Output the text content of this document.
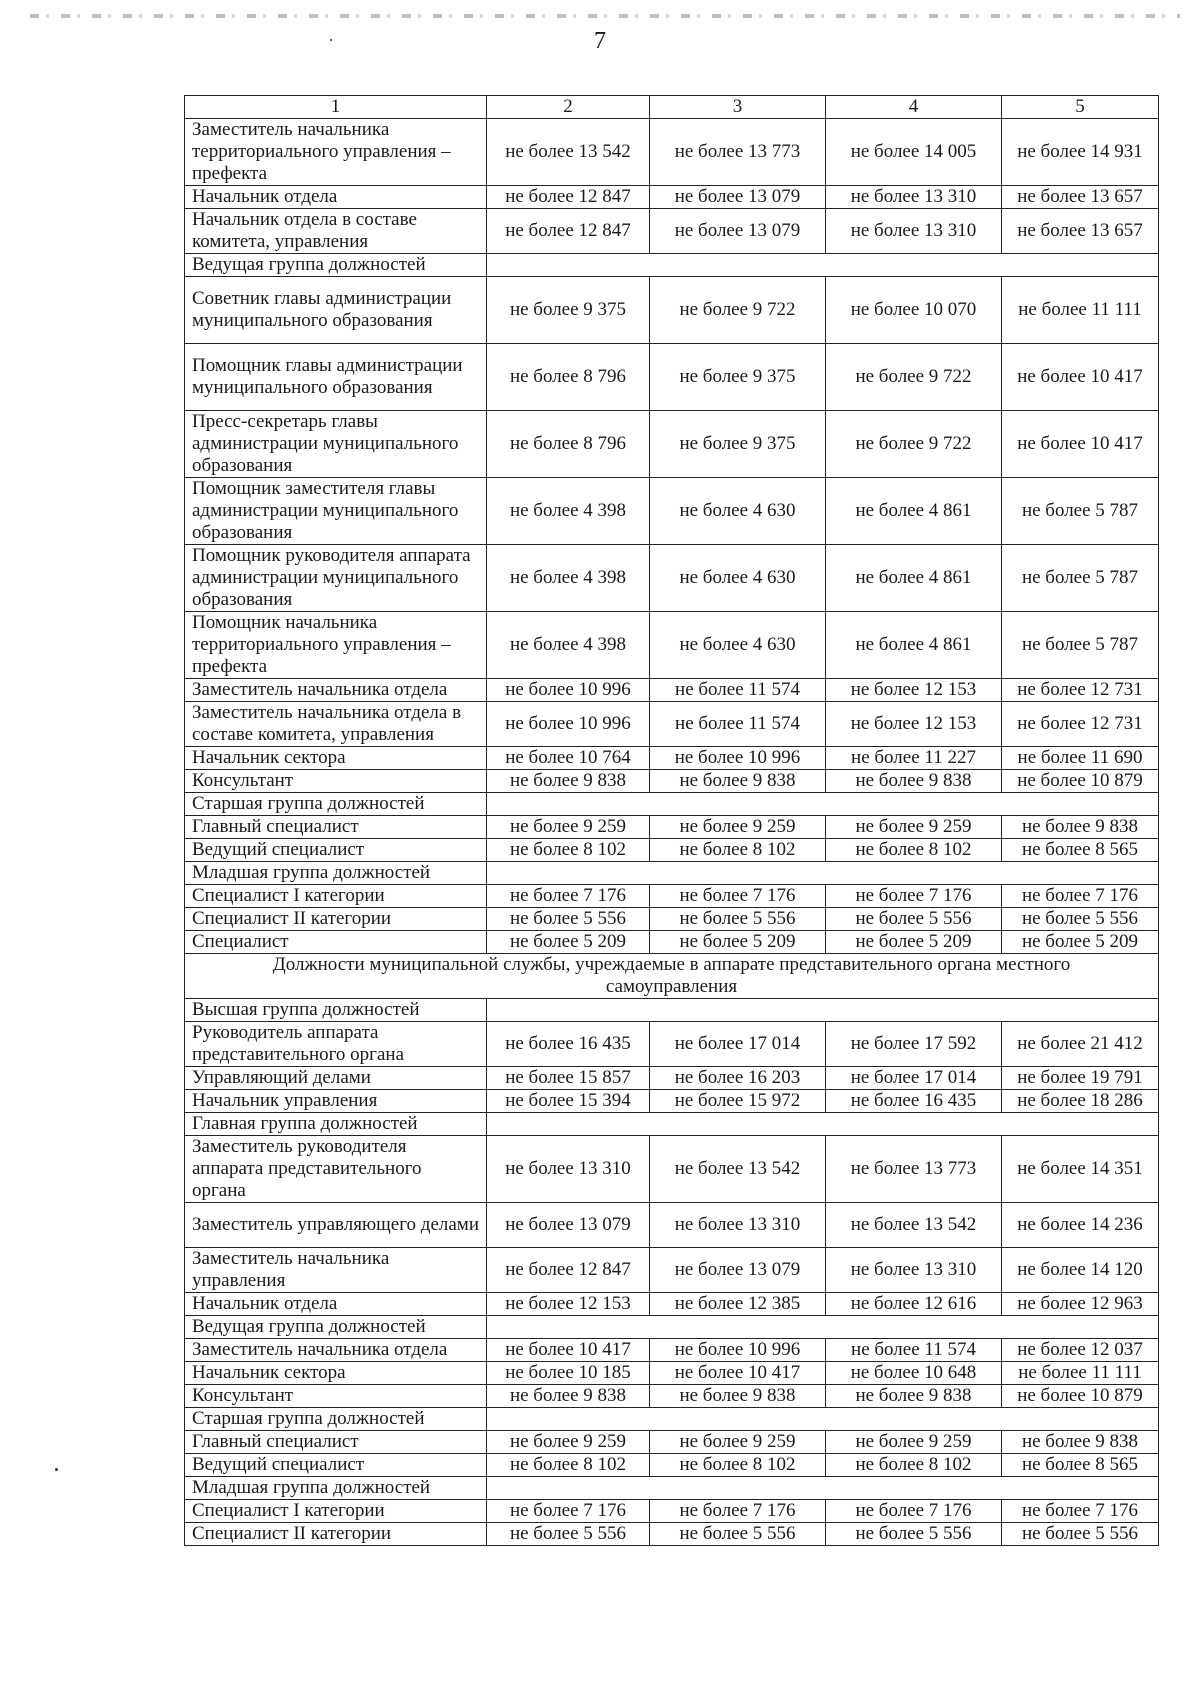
7
1	2	3	4	5
Заместитель начальника территориального управления – префекта	не более 13 542	не более 13 773	не более 14 005	не более 14 931
Начальник отдела	не более 12 847	не более 13 079	не более 13 310	не более 13 657
Начальник отдела в составе комитета, управления	не более 12 847	не более 13 079	не более 13 310	не более 13 657
Ведущая группа должностей				
Советник главы администрации муниципального образования	не более 9 375	не более 9 722	не более 10 070	не более 11 111
Помощник главы администрации муниципального образования	не более 8 796	не более 9 375	не более 9 722	не более 10 417
Пресс-секретарь главы администрации муниципального образования	не более 8 796	не более 9 375	не более 9 722	не более 10 417
Помощник заместителя главы администрации муниципального образования	не более 4 398	не более 4 630	не более 4 861	не более 5 787
Помощник руководителя аппарата администрации муниципального образования	не более 4 398	не более 4 630	не более 4 861	не более 5 787
Помощник начальника территориального управления – префекта	не более 4 398	не более 4 630	не более 4 861	не более 5 787
Заместитель начальника отдела	не более 10 996	не более 11 574	не более 12 153	не более 12 731
Заместитель начальника отдела в составе комитета, управления	не более 10 996	не более 11 574	не более 12 153	не более 12 731
Начальник сектора	не более 10 764	не более 10 996	не более 11 227	не более 11 690
Консультант	не более 9 838	не более 9 838	не более 9 838	не более 10 879
Старшая группа должностей				
Главный специалист	не более 9 259	не более 9 259	не более 9 259	не более 9 838
Ведущий специалист	не более 8 102	не более 8 102	не более 8 102	не более 8 565
Младшая группа должностей				
Специалист I категории	не более 7 176	не более 7 176	не более 7 176	не более 7 176
Специалист II категории	не более 5 556	не более 5 556	не более 5 556	не более 5 556
Специалист	не более 5 209	не более 5 209	не более 5 209	не более 5 209
Должности муниципальной службы, учреждаемые в аппарате представительного органа местного самоуправления				
Высшая группа должностей				
Руководитель аппарата представительного органа	не более 16 435	не более 17 014	не более 17 592	не более 21 412
Управляющий делами	не более 15 857	не более 16 203	не более 17 014	не более 19 791
Начальник управления	не более 15 394	не более 15 972	не более 16 435	не более 18 286
Главная группа должностей				
Заместитель руководителя аппарата представительного органа	не более 13 310	не более 13 542	не более 13 773	не более 14 351
Заместитель управляющего делами	не более 13 079	не более 13 310	не более 13 542	не более 14 236
Заместитель начальника управления	не более 12 847	не более 13 079	не более 13 310	не более 14 120
Начальник отдела	не более 12 153	не более 12 385	не более 12 616	не более 12 963
Ведущая группа должностей				
Заместитель начальника отдела	не более 10 417	не более 10 996	не более 11 574	не более 12 037
Начальник сектора	не более 10 185	не более 10 417	не более 10 648	не более 11 111
Консультант	не более 9 838	не более 9 838	не более 9 838	не более 10 879
Старшая группа должностей				
Главный специалист	не более 9 259	не более 9 259	не более 9 259	не более 9 838
Ведущий специалист	не более 8 102	не более 8 102	не более 8 102	не более 8 565
Младшая группа должностей				
Специалист I категории	не более 7 176	не более 7 176	не более 7 176	не более 7 176
Специалист II категории	не более 5 556	не более 5 556	не более 5 556	не более 5 556
